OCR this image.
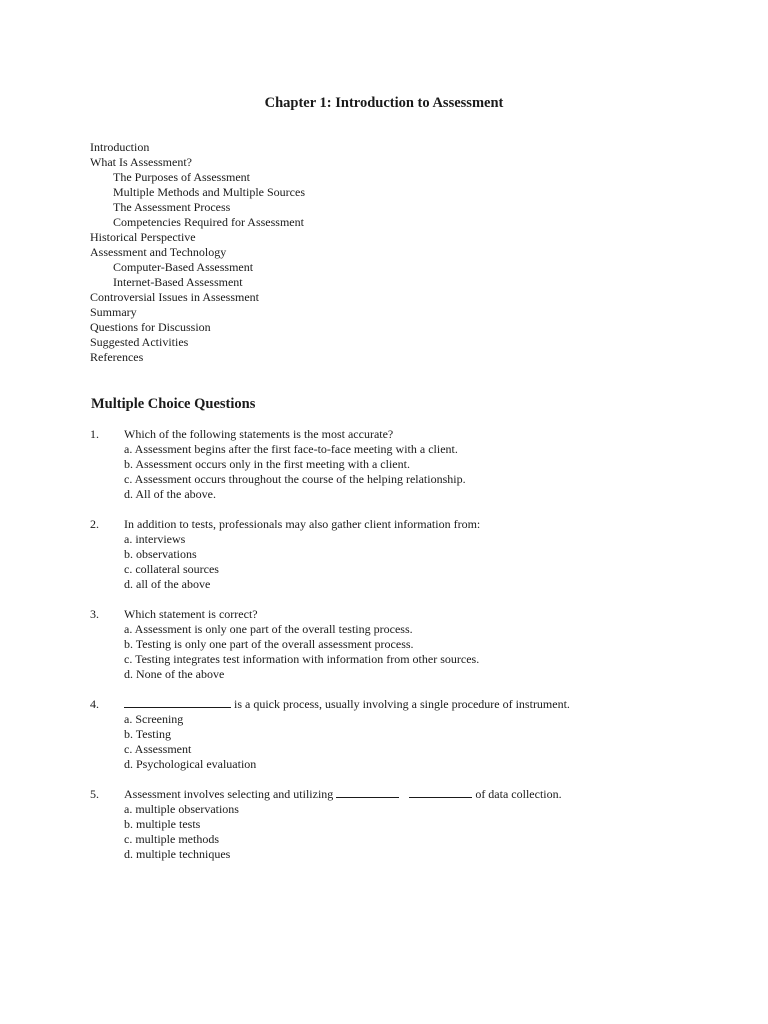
Chapter 1: Introduction to Assessment
Introduction
What Is Assessment?
The Purposes of Assessment
Multiple Methods and Multiple Sources
The Assessment Process
Competencies Required for Assessment
Historical Perspective
Assessment and Technology
Computer-Based Assessment
Internet-Based Assessment
Controversial Issues in Assessment
Summary
Questions for Discussion
Suggested Activities
References
Multiple Choice Questions
1. Which of the following statements is the most accurate?
a. Assessment begins after the first face-to-face meeting with a client.
b. Assessment occurs only in the first meeting with a client.
c. Assessment occurs throughout the course of the helping relationship.
d. All of the above.
2. In addition to tests, professionals may also gather client information from:
a. interviews
b. observations
c. collateral sources
d. all of the above
3. Which statement is correct?
a. Assessment is only one part of the overall testing process.
b. Testing is only one part of the overall assessment process.
c. Testing integrates test information with information from other sources.
d. None of the above
4.	is a quick process, usually involving a single procedure of instrument.
a. Screening
b. Testing
c. Assessment
d. Psychological evaluation
5. Assessment involves selecting and utilizing	of data collection.
a. multiple observations
b. multiple tests
c. multiple methods
d. multiple techniques
